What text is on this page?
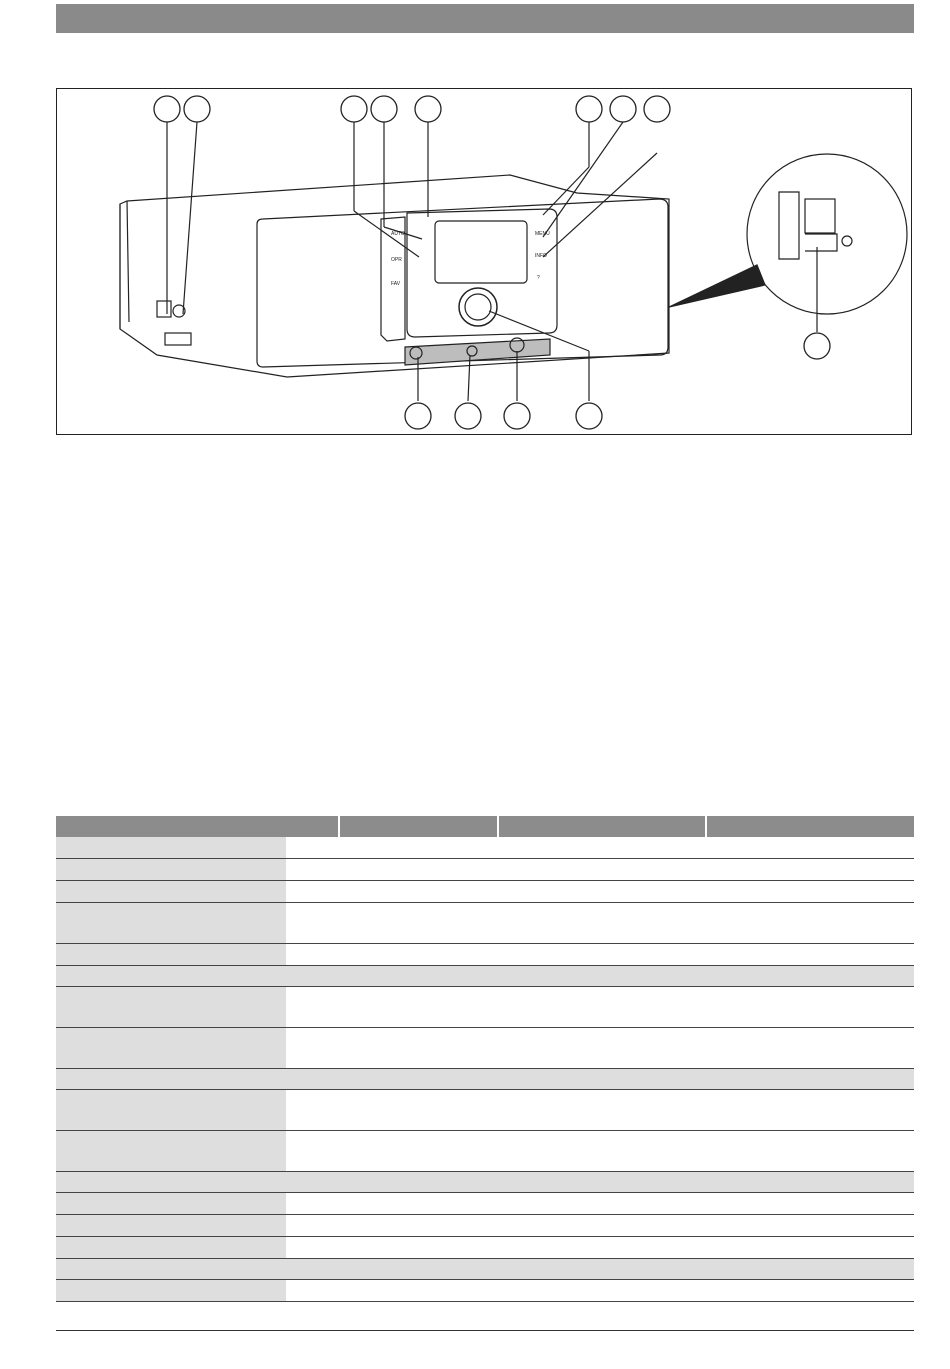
AUTO
OPR
FAV
MENU
INFO
?
